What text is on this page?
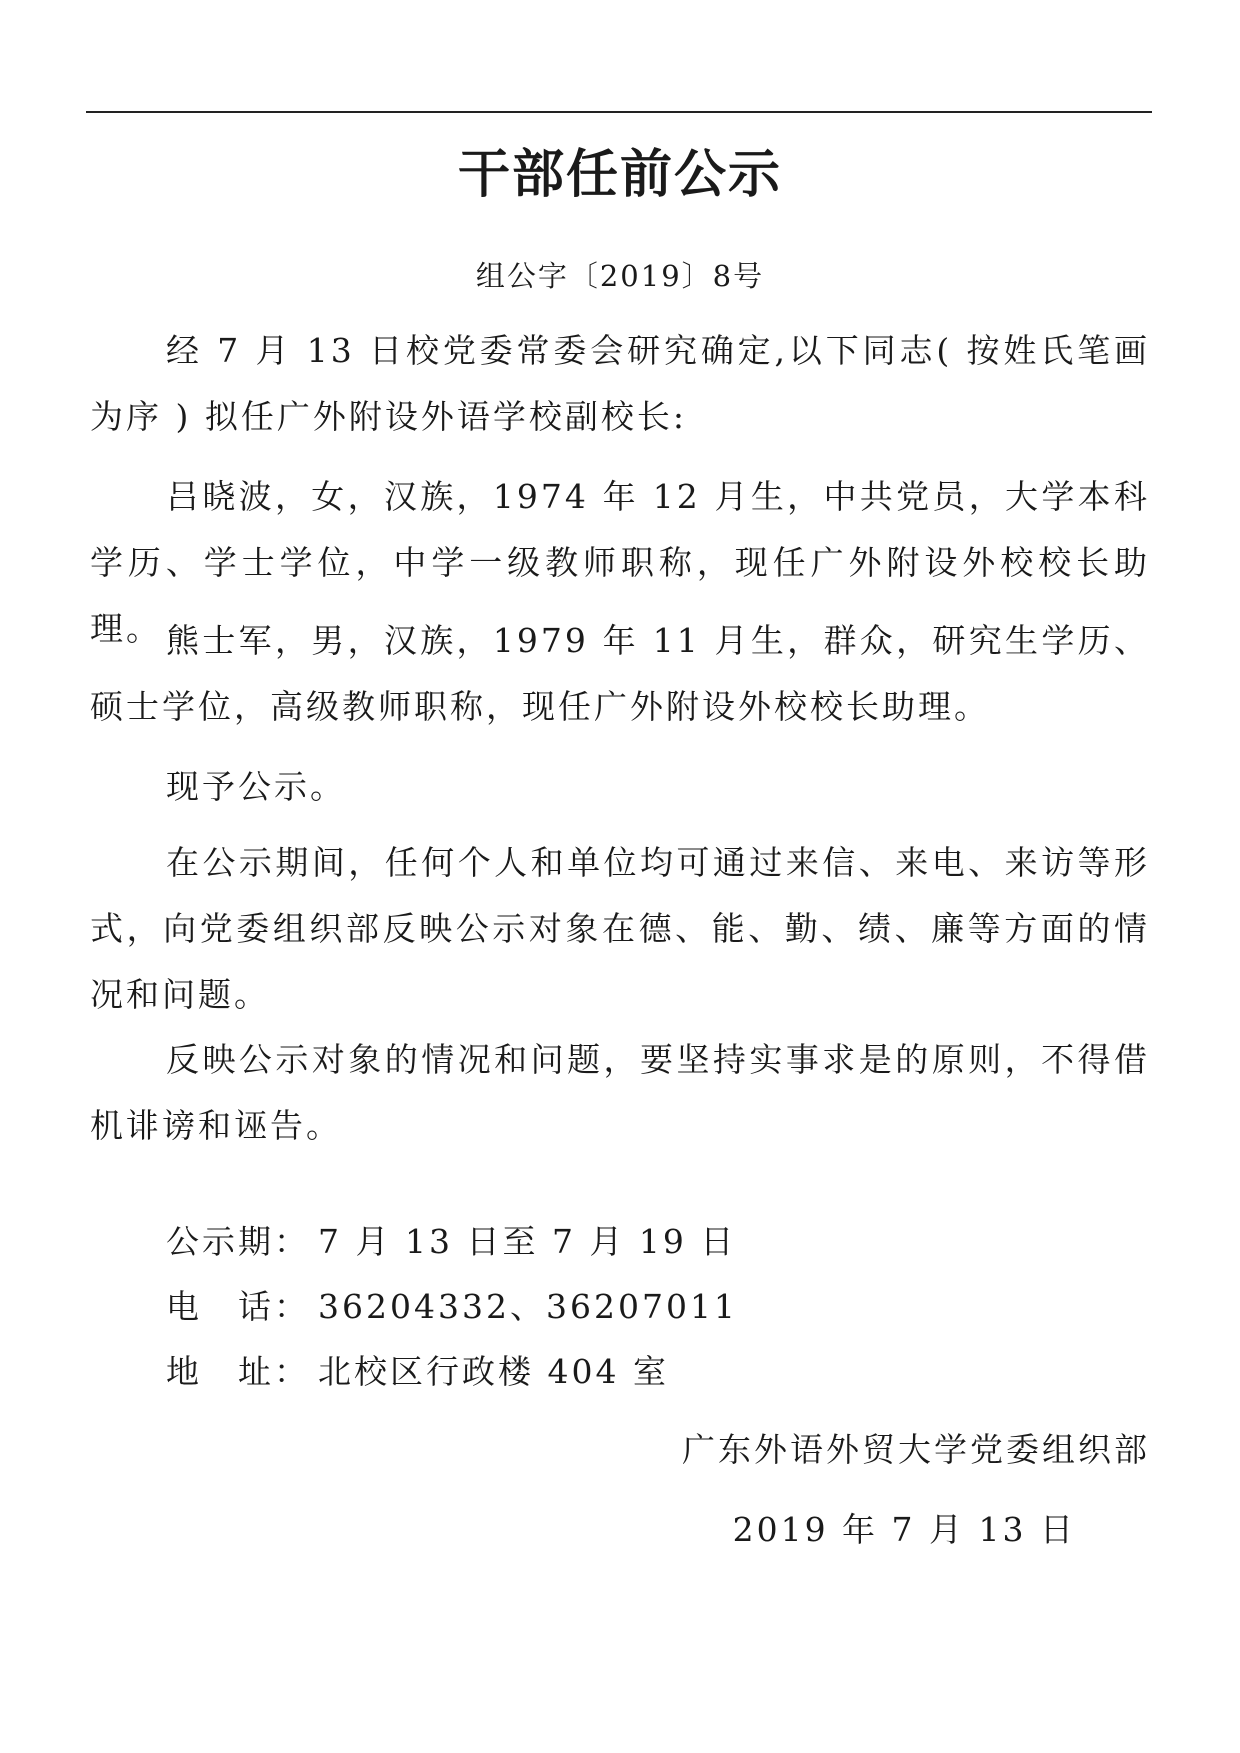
干部任前公示
组公字〔2019〕8号

经 7 月 13 日校党委常委会研究确定,以下同志( 按姓氏笔画为序 ) 拟任广外附设外语学校副校长:

吕晓波，女，汉族，1974 年 12 月生，中共党员，大学本科学历、学士学位，中学一级教师职称，现任广外附设外校校长助理。 熊士军，男，汉族，1979 年 11 月生，群众，研究生学历、硕士学位，高级教师职称，现任广外附设外校校长助理。

现予公示。

在公示期间，任何个人和单位均可通过来信、来电、来访等形式，向党委组织部反映公示对象在德、能、勤、绩、廉等方面的情况和问题。

反映公示对象的情况和问题，要坚持实事求是的原则，不得借机诽谤和诬告。

公示期： 7 月 13 日至 7 月 19 日
电　话： 36204332、36207011
地　址： 北校区行政楼 404 室
广东外语外贸大学党委组织部
2019 年 7 月 13 日
